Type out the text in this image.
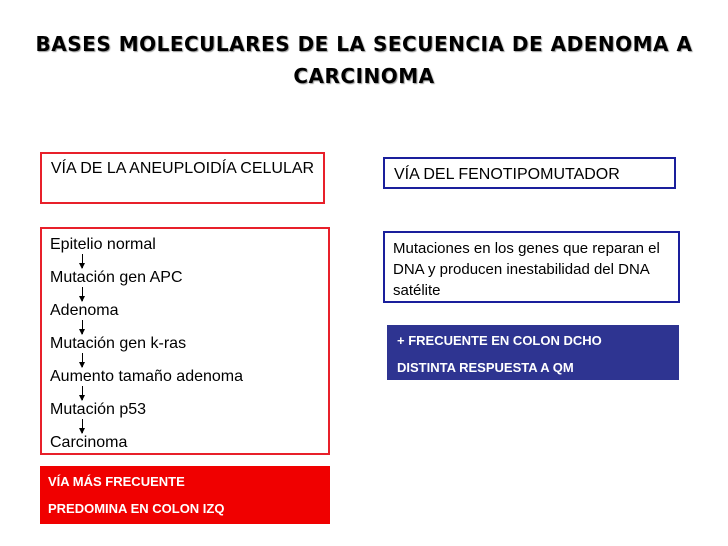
BASES MOLECULARES DE LA SECUENCIA DE ADENOMA A CARCINOMA
VÍA DE LA ANEUPLOIDÍA CELULAR	VÍA DEL FENOTIPOMUTADOR
Epitelio normal
Mutación gen APC
Adenoma
Mutación gen k-ras
Aumento tamaño adenoma
Mutación p53
Carcinoma
Mutaciones en los genes que reparan el DNA y producen inestabilidad del DNA satélite
+ FRECUENTE EN COLON DCHO
DISTINTA RESPUESTA A QM
VÍA MÁS FRECUENTE
PREDOMINA EN COLON IZQ
